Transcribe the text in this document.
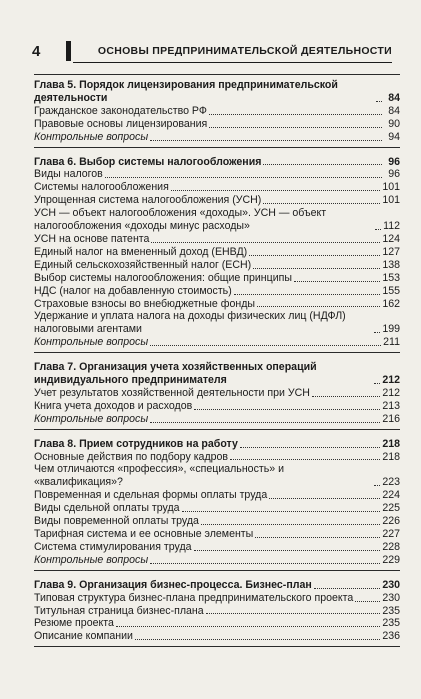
4	ОСНОВЫ ПРЕДПРИНИМАТЕЛЬСКОЙ ДЕЯТЕЛЬНОСТИ
Глава 5. Порядок лицензирования предпринимательской деятельности	84
Гражданское законодательство РФ	84
Правовые основы лицензирования	90
Контрольные вопросы	94
Глава 6. Выбор системы налогообложения	96
Виды налогов	96
Системы налогообложения	101
Упрощенная система налогообложения (УСН)	101
УСН — объект налогообложения «доходы». УСН — объект налогообложения «доходы минус расходы»	112
УСН на основе патента	124
Единый налог на вмененный доход (ЕНВД)	127
Единый сельскохозяйственный налог (ЕСН)	138
Выбор системы налогообложения: общие принципы	153
НДС (налог на добавленную стоимость)	155
Страховые взносы во внебюджетные фонды	162
Удержание и уплата налога на доходы физических лиц (НДФЛ) налоговыми агентами	199
Контрольные вопросы	211
Глава 7. Организация учета хозяйственных операций индивидуального предпринимателя	212
Учет результатов хозяйственной деятельности при УСН	212
Книга учета доходов и расходов	213
Контрольные вопросы	216
Глава 8. Прием сотрудников на работу	218
Основные действия по подбору кадров	218
Чем отличаются «профессия», «специальность» и «квалификация»?	223
Повременная и сдельная формы оплаты труда	224
Виды сдельной оплаты труда	225
Виды повременной оплаты труда	226
Тарифная система и ее основные элементы	227
Система стимулирования труда	228
Контрольные вопросы	229
Глава 9. Организация бизнес-процесса. Бизнес-план	230
Типовая структура бизнес-плана предпринимательского проекта	230
Титульная страница бизнес-плана	235
Резюме проекта	235
Описание компании	236
